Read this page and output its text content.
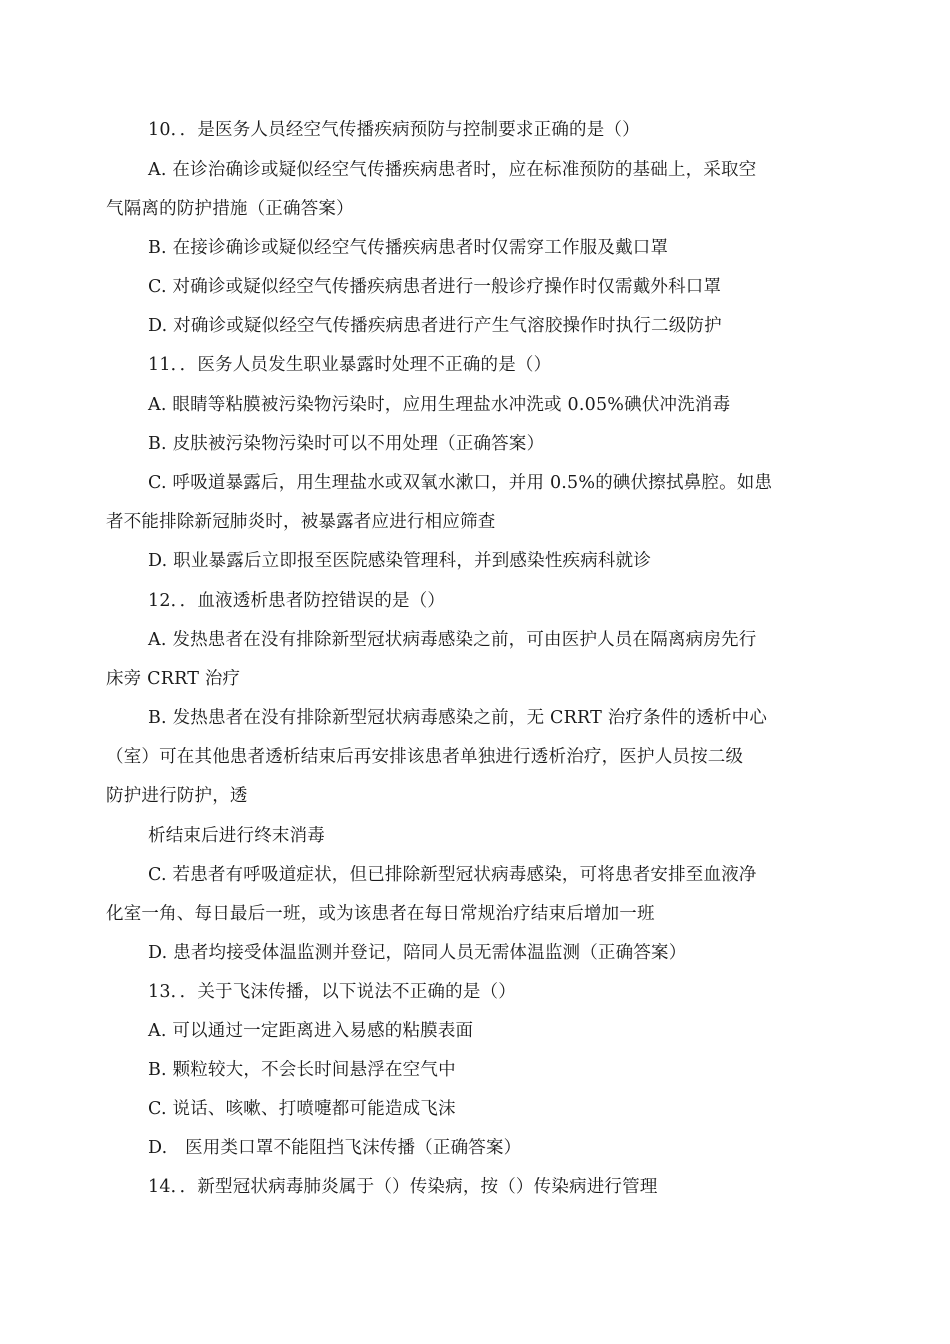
10．．是医务人员经空气传播疾病预防与控制要求正确的是（）
A. 在诊治确诊或疑似经空气传播疾病患者时，应在标准预防的基础上，采取空
气隔离的防护措施（正确答案）
B. 在接诊确诊或疑似经空气传播疾病患者时仅需穿工作服及戴口罩
C. 对确诊或疑似经空气传播疾病患者进行一般诊疗操作时仅需戴外科口罩
D. 对确诊或疑似经空气传播疾病患者进行产生气溶胶操作时执行二级防护
11．．医务人员发生职业暴露时处理不正确的是（）
A. 眼睛等粘膜被污染物污染时，应用生理盐水冲洗或 0.05%碘伏冲洗消毒
B. 皮肤被污染物污染时可以不用处理（正确答案）
C. 呼吸道暴露后，用生理盐水或双氧水漱口，并用 0.5%的碘伏擦拭鼻腔。如患
者不能排除新冠肺炎时，被暴露者应进行相应筛查
D. 职业暴露后立即报至医院感染管理科，并到感染性疾病科就诊
12．．血液透析患者防控错误的是（）
A. 发热患者在没有排除新型冠状病毒感染之前，可由医护人员在隔离病房先行
床旁 CRRT 治疗
B. 发热患者在没有排除新型冠状病毒感染之前，无 CRRT 治疗条件的透析中心
（室）可在其他患者透析结束后再安排该患者单独进行透析治疗，医护人员按二级
防护进行防护，透
析结束后进行终末消毒
C. 若患者有呼吸道症状，但已排除新型冠状病毒感染，可将患者安排至血液净
化室一角、每日最后一班，或为该患者在每日常规治疗结束后增加一班
D. 患者均接受体温监测并登记，陪同人员无需体温监测（正确答案）
13．．关于飞沫传播，以下说法不正确的是（）
A. 可以通过一定距离进入易感的粘膜表面
B. 颗粒较大，不会长时间悬浮在空气中
C. 说话、咳嗽、打喷嚏都可能造成飞沫
D.　医用类口罩不能阻挡飞沫传播（正确答案）
14．．新型冠状病毒肺炎属于（）传染病，按（）传染病进行管理
